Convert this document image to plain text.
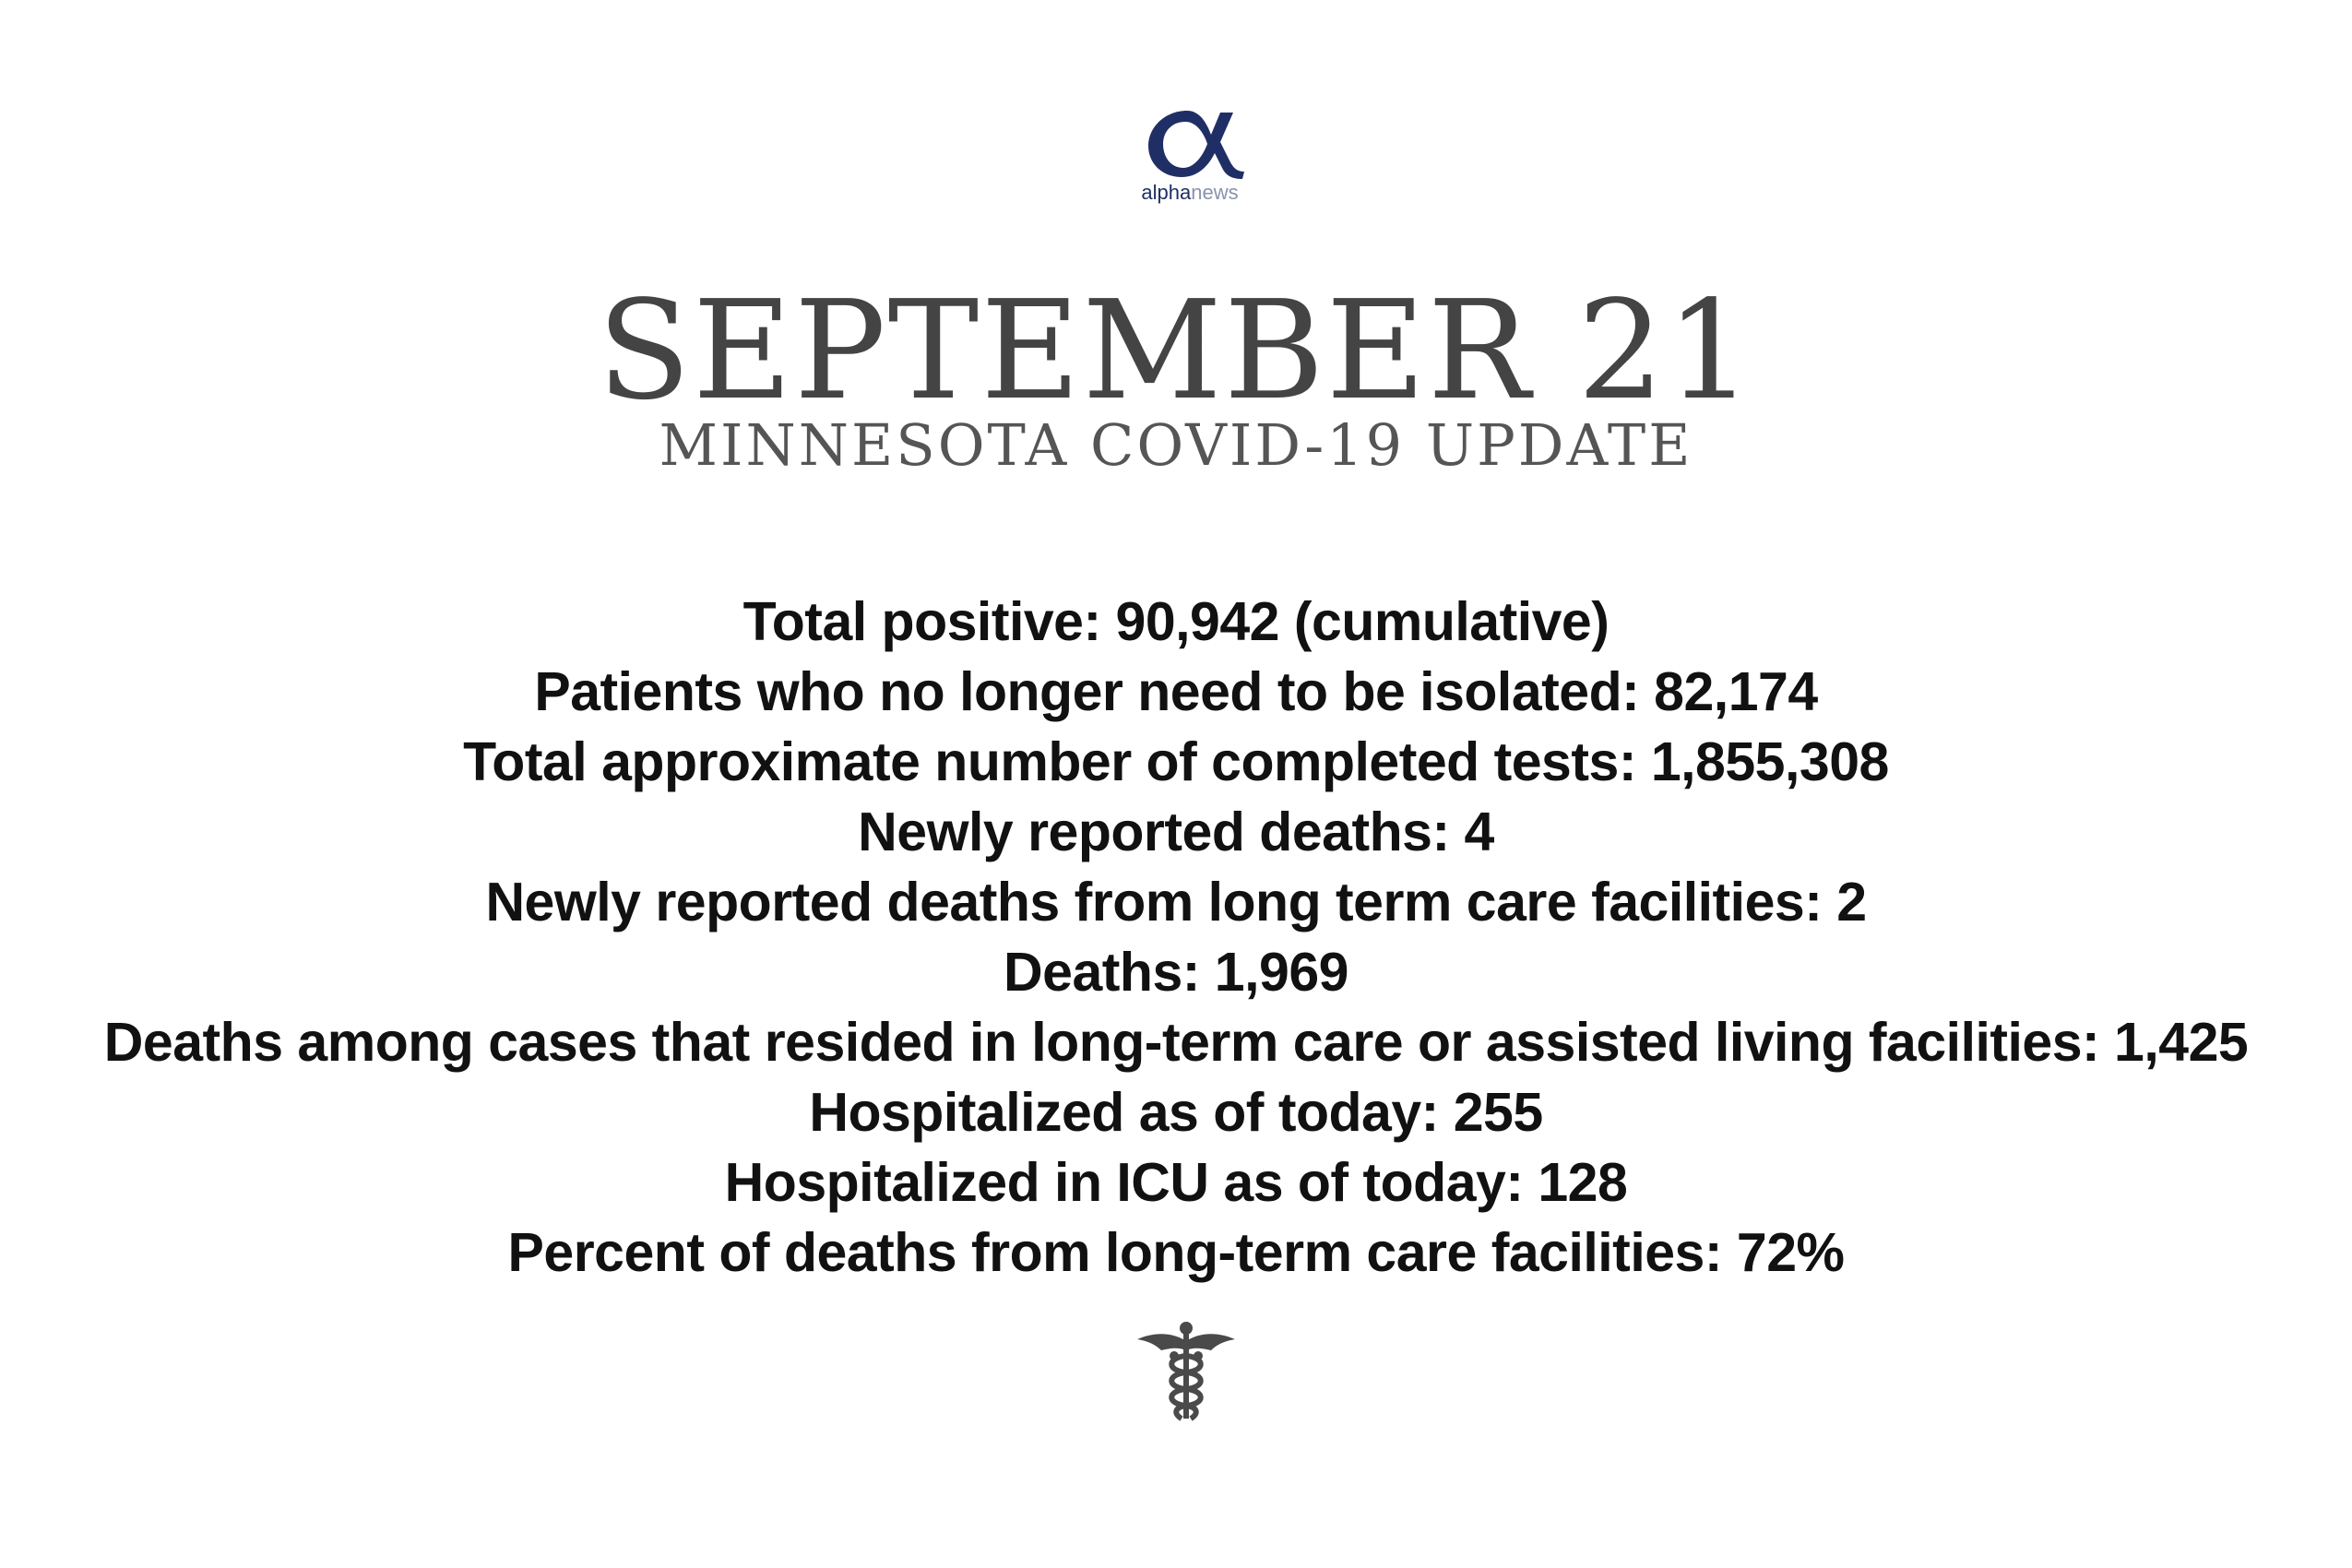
alphanews
SEPTEMBER 21
MINNESOTA COVID-19 UPDATE
Total positive: 90,942 (cumulative)
Patients who no longer need to be isolated: 82,174
Total approximate number of completed tests: 1,855,308
Newly reported deaths: 4
Newly reported deaths from long term care facilities: 2
Deaths: 1,969
Deaths among cases that resided in long-term care or assisted living facilities: 1,425
Hospitalized as of today: 255
Hospitalized in ICU as of today: 128
Percent of deaths from long-term care facilities: 72%
